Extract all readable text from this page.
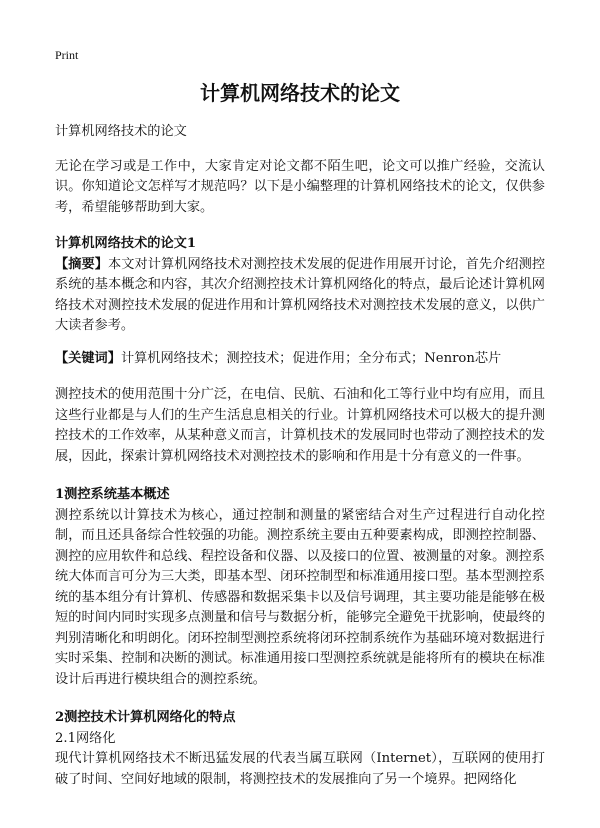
Print
计算机网络技术的论文

计算机网络技术的论文

无论在学习或是工作中，大家肯定对论文都不陌生吧，论文可以推广经验，交流认识。你知道论文怎样写才规范吗？以下是小编整理的计算机网络技术的论文，仅供参考，希望能够帮助到大家。

计算机网络技术的论文1

【摘要】本文对计算机网络技术对测控技术发展的促进作用展开讨论，首先介绍测控系统的基本概念和内容，其次介绍测控技术计算机网络化的特点，最后论述计算机网络技术对测控技术发展的促进作用和计算机网络技术对测控技术发展的意义，以供广大读者参考。

【关键词】计算机网络技术；测控技术；促进作用；全分布式；Nenron芯片

测控技术的使用范围十分广泛，在电信、民航、石油和化工等行业中均有应用，而且这些行业都是与人们的生产生活息息相关的行业。计算机网络技术可以极大的提升测控技术的工作效率，从某种意义而言，计算机技术的发展同时也带动了测控技术的发展，因此，探索计算机网络技术对测控技术的影响和作用是十分有意义的一件事。

1测控系统基本概述

测控系统以计算技术为核心，通过控制和测量的紧密结合对生产过程进行自动化控制，而且还具备综合性较强的功能。测控系统主要由五种要素构成，即测控控制器、测控的应用软件和总线、程控设备和仪器、以及接口的位置、被测量的对象。测控系统大体而言可分为三大类，即基本型、闭环控制型和标准通用接口型。基本型测控系统的基本组分有计算机、传感器和数据采集卡以及信号调理，其主要功能是能够在极短的时间内同时实现多点测量和信号与数据分析，能够完全避免干扰影响，使最终的判别清晰化和明朗化。闭环控制型测控系统将闭环控制系统作为基础环境对数据进行实时采集、控制和决断的测试。标准通用接口型测控系统就是能将所有的模块在标准设计后再进行模块组合的测控系统。

2测控技术计算机网络化的特点

2.1网络化

现代计算机网络技术不断迅猛发展的代表当属互联网（Internet），互联网的使用打破了时间、空间好地域的限制，将测控技术的发展推向了另一个境界。把网络化
